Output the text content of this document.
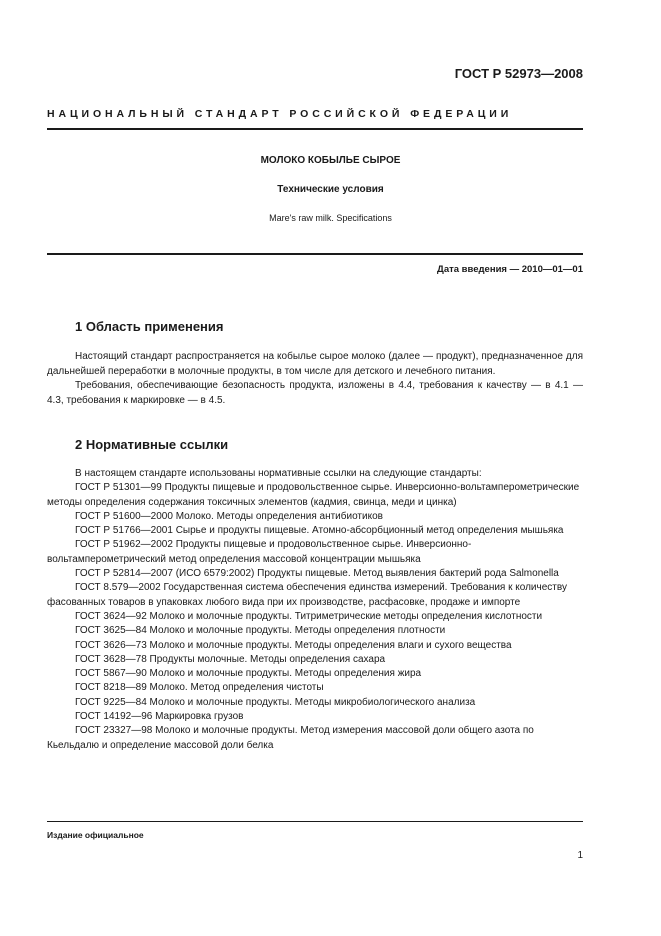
ГОСТ Р 52973—2008
НАЦИОНАЛЬНЫЙ СТАНДАРТ РОССИЙСКОЙ ФЕДЕРАЦИИ
МОЛОКО КОБЫЛЬЕ СЫРОЕ
Технические условия
Mare's raw milk. Specifications
Дата введения — 2010—01—01
1 Область применения

Настоящий стандарт распространяется на кобылье сырое молоко (далее — продукт), предназначенное для дальнейшей переработки в молочные продукты, в том числе для детского и лечебного питания.

Требования, обеспечивающие безопасность продукта, изложены в 4.4, требования к качеству — в 4.1 — 4.3, требования к маркировке — в 4.5.

2 Нормативные ссылки

В настоящем стандарте использованы нормативные ссылки на следующие стандарты:

ГОСТ Р 51301—99 Продукты пищевые и продовольственное сырье. Инверсионно-вольтамперометрические методы определения содержания токсичных элементов (кадмия, свинца, меди и цинка)

ГОСТ Р 51600—2000 Молоко. Методы определения антибиотиков

ГОСТ Р 51766—2001 Сырье и продукты пищевые. Атомно-абсорбционный метод определения мышьяка

ГОСТ Р 51962—2002 Продукты пищевые и продовольственное сырье. Инверсионно-вольтамперометрический метод определения массовой концентрации мышьяка

ГОСТ Р 52814—2007 (ИСО 6579:2002) Продукты пищевые. Метод выявления бактерий рода Salmonella

ГОСТ 8.579—2002 Государственная система обеспечения единства измерений. Требования к количеству фасованных товаров в упаковках любого вида при их производстве, расфасовке, продаже и импорте

ГОСТ 3624—92 Молоко и молочные продукты. Титриметрические методы определения кислотности

ГОСТ 3625—84 Молоко и молочные продукты. Методы определения плотности

ГОСТ 3626—73 Молоко и молочные продукты. Методы определения влаги и сухого вещества

ГОСТ 3628—78 Продукты молочные. Методы определения сахара

ГОСТ 5867—90 Молоко и молочные продукты. Методы определения жира

ГОСТ 8218—89 Молоко. Метод определения чистоты

ГОСТ 9225—84 Молоко и молочные продукты. Методы микробиологического анализа

ГОСТ 14192—96 Маркировка грузов

ГОСТ 23327—98 Молоко и молочные продукты. Метод измерения массовой доли общего азота по Кьельдалю и определение массовой доли белка

Издание официальное
1
